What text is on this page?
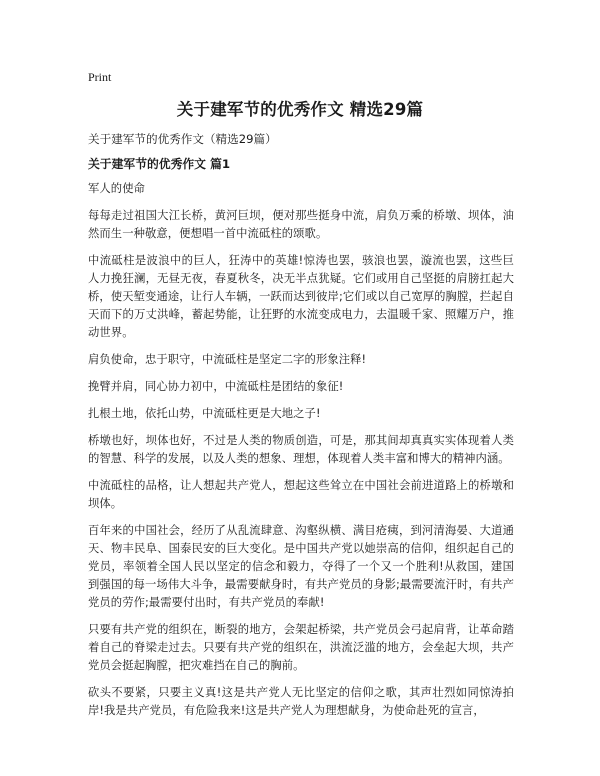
Print
关于建军节的优秀作文 精选29篇
关于建军节的优秀作文（精选29篇）
关于建军节的优秀作文 篇1

军人的使命

每每走过祖国大江长桥，黄河巨坝，便对那些挺身中流，肩负万乘的桥墩、坝体，油然而生一种敬意，便想唱一首中流砥柱的颂歌。

中流砥柱是波浪中的巨人，狂涛中的英雄!惊涛也罢，骇浪也罢，漩流也罢，这些巨人力挽狂澜，无昼无夜，春夏秋冬，决无半点犹疑。它们或用自己坚挺的肩膀扛起大桥，使天堑变通途，让行人车辆，一跃而达到彼岸;它们或以自己宽厚的胸膛，拦起自天而下的万丈洪峰，蓄起势能，让狂野的水流变成电力，去温暖千家、照耀万户，推动世界。

肩负使命，忠于职守，中流砥柱是坚定二字的形象注释!

挽臂并肩，同心协力初中，中流砥柱是团结的象征!

扎根土地，依托山势，中流砥柱更是大地之子!

桥墩也好，坝体也好，不过是人类的物质创造，可是，那其间却真真实实体现着人类的智慧、科学的发展，以及人类的想象、理想，体现着人类丰富和博大的精神内涵。

中流砥柱的品格，让人想起共产党人，想起这些耸立在中国社会前进道路上的桥墩和坝体。

百年来的中国社会，经历了从乱流肆意、沟壑纵横、满目疮痍，到河清海晏、大道通天、物丰民阜、国泰民安的巨大变化。是中国共产党以她崇高的信仰，组织起自己的党员，率领着全国人民以坚定的信念和毅力，夺得了一个又一个胜利!从救国，建国到强国的每一场伟大斗争，最需要献身时，有共产党员的身影;最需要流汗时，有共产党员的劳作;最需要付出时，有共产党员的奉献!

只要有共产党的组织在，断裂的地方，会架起桥梁，共产党员会弓起肩背，让革命踏着自己的脊梁走过去。只要有共产党的组织在，洪流泛滥的地方，会垒起大坝，共产党员会挺起胸膛，把灾难挡在自己的胸前。

砍头不要紧，只要主义真!这是共产党人无比坚定的信仰之歌，其声壮烈如同惊涛拍岸!我是共产党员，有危险我来!这是共产党人为理想献身，为使命赴死的宣言，
